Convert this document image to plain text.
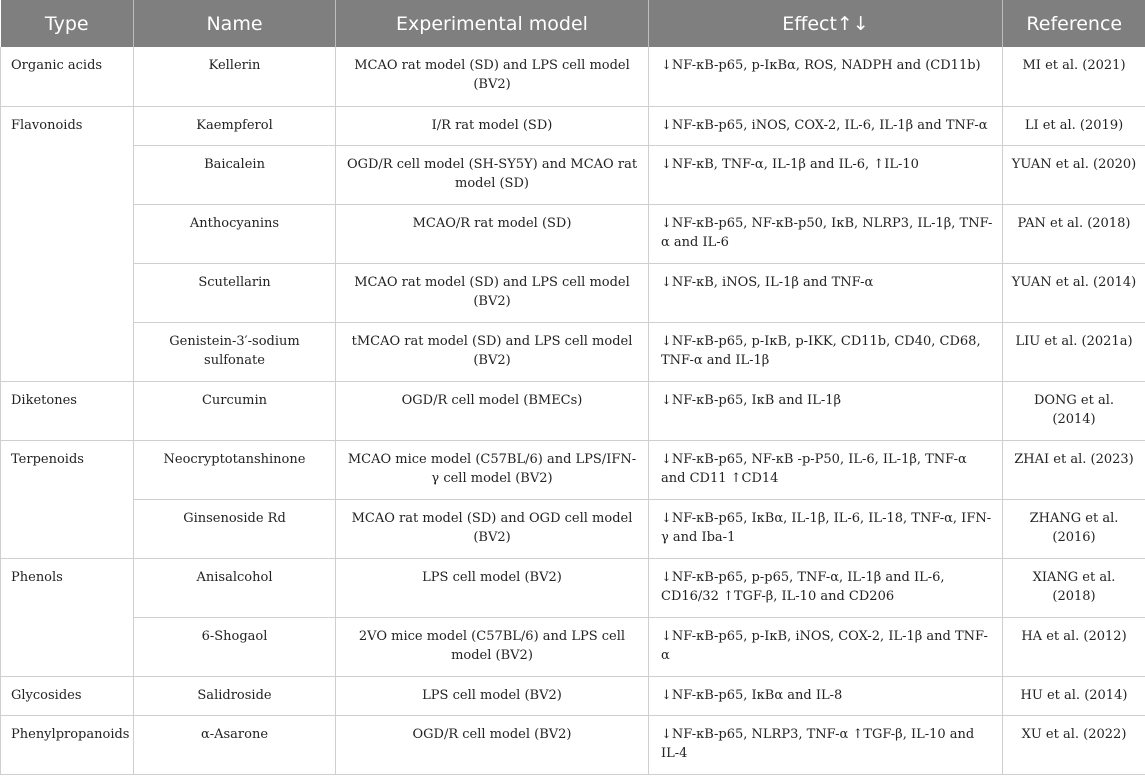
Type	Name	Experimental model	Effect↑↓	Reference
Organic acids	Kellerin	MCAO rat model (SD) and LPS cell model (BV2)	↓NF-κB-p65, p-IκBα, ROS, NADPH and (CD11b)	MI et al. (2021)
Flavonoids	Kaempferol	I/R rat model (SD)	↓NF-κB-p65, iNOS, COX-2, IL-6, IL-1β and TNF-α	LI et al. (2019)
	Baicalein	OGD/R cell model (SH-SY5Y) and MCAO rat model (SD)	↓NF-κB, TNF-α, IL-1β and IL-6, ↑IL-10	YUAN et al. (2020)
	Anthocyanins	MCAO/R rat model (SD)	↓NF-κB-p65, NF-κB-p50, IκB, NLRP3, IL-1β, TNF-α and IL-6	PAN et al. (2018)
	Scutellarin	MCAO rat model (SD) and LPS cell model (BV2)	↓NF-κB, iNOS, IL-1β and TNF-α	YUAN et al. (2014)
	Genistein-3′-sodium sulfonate	tMCAO rat model (SD) and LPS cell model (BV2)	↓NF-κB-p65, p-IκB, p-IKK, CD11b, CD40, CD68, TNF-α and IL-1β	LIU et al. (2021a)
Diketones	Curcumin	OGD/R cell model (BMECs)	↓NF-κB-p65, IκB and IL-1β	DONG et al. (2014)
Terpenoids	Neocryptotanshinone	MCAO mice model (C57BL/6) and LPS/IFN-γ cell model (BV2)	↓NF-κB-p65, NF-κB -p-P50, IL-6, IL-1β, TNF-α and CD11 ↑CD14	ZHAI et al. (2023)
	Ginsenoside Rd	MCAO rat model (SD) and OGD cell model (BV2)	↓NF-κB-p65, IκBα, IL-1β, IL-6, IL-18, TNF-α, IFN-γ and Iba-1	ZHANG et al. (2016)
Phenols	Anisalcohol	LPS cell model (BV2)	↓NF-κB-p65, p-p65, TNF-α, IL-1β and IL-6, CD16/32 ↑TGF-β, IL-10 and CD206	XIANG et al. (2018)
	6-Shogaol	2VO mice model (C57BL/6) and LPS cell model (BV2)	↓NF-κB-p65, p-IκB, iNOS, COX-2, IL-1β and TNF-α	HA et al. (2012)
Glycosides	Salidroside	LPS cell model (BV2)	↓NF-κB-p65, IκBα and IL-8	HU et al. (2014)
Phenylpropanoids	α-Asarone	OGD/R cell model (BV2)	↓NF-κB-p65, NLRP3, TNF-α ↑TGF-β, IL-10 and IL-4	XU et al. (2022)
